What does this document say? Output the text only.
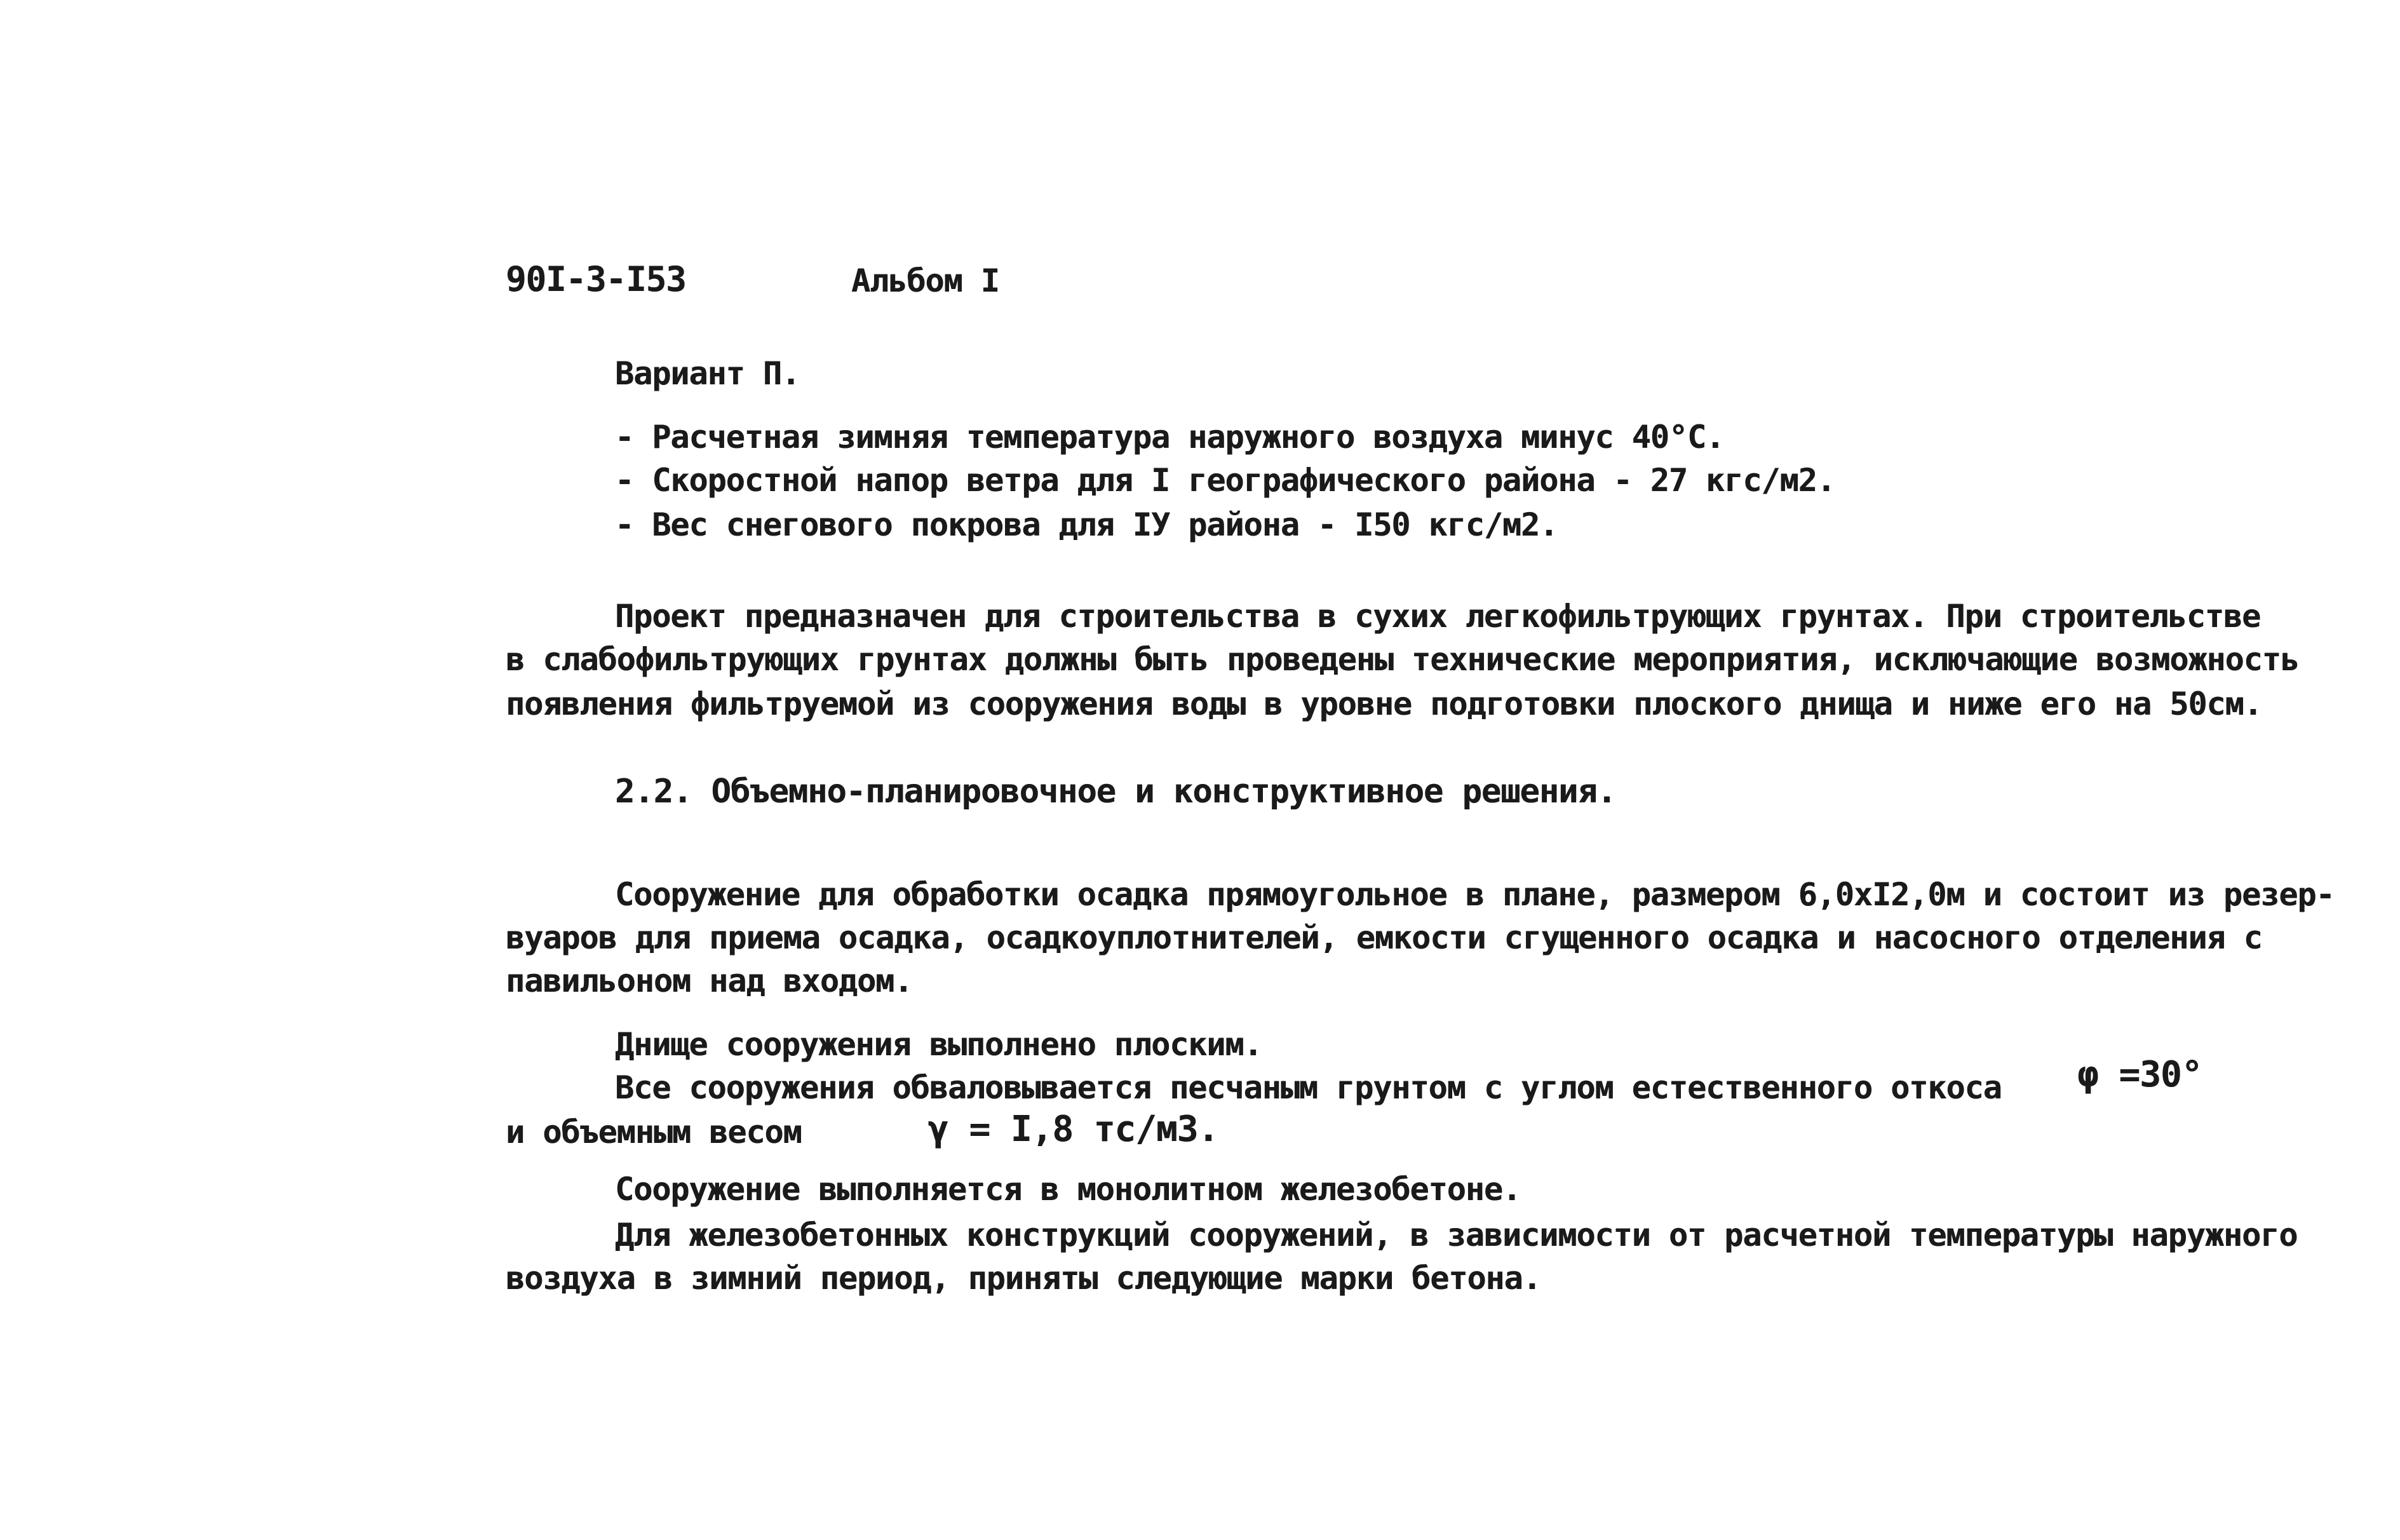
90I-3-I53	Альбом I
Вариант П.
- Расчетная зимняя температура наружного воздуха минус 40°С.
- Скоростной напор ветра для I географического района - 27 кгс/м2.
- Вес снегового покрова для IУ района - I50 кгс/м2.
Проект предназначен для строительства в сухих легкофильтрующих грунтах. При строительстве
в слабофильтрующих грунтах должны быть проведены технические мероприятия, исключающие возможность
появления фильтруемой из сооружения воды в уровне подготовки плоского днища и ниже его на 50см.
2.2. Объемно-планировочное и конструктивное решения.
Сооружение для обработки осадка прямоугольное в плане, размером 6,0хI2,0м и состоит из резер-
вуаров для приема осадка, осадкоуплотнителей, емкости сгущенного осадка и насосного отделения с
павильоном над входом.
Днище сооружения выполнено плоским.
Все сооружения обваловывается песчаным грунтом с углом естественного откоса φ =30°
и объемным весом	γ = I,8 тс/м3.
Сооружение выполняется в монолитном железобетоне.
Для железобетонных конструкций сооружений, в зависимости от расчетной температуры наружного
воздуха в зимний период, приняты следующие марки бетона.
